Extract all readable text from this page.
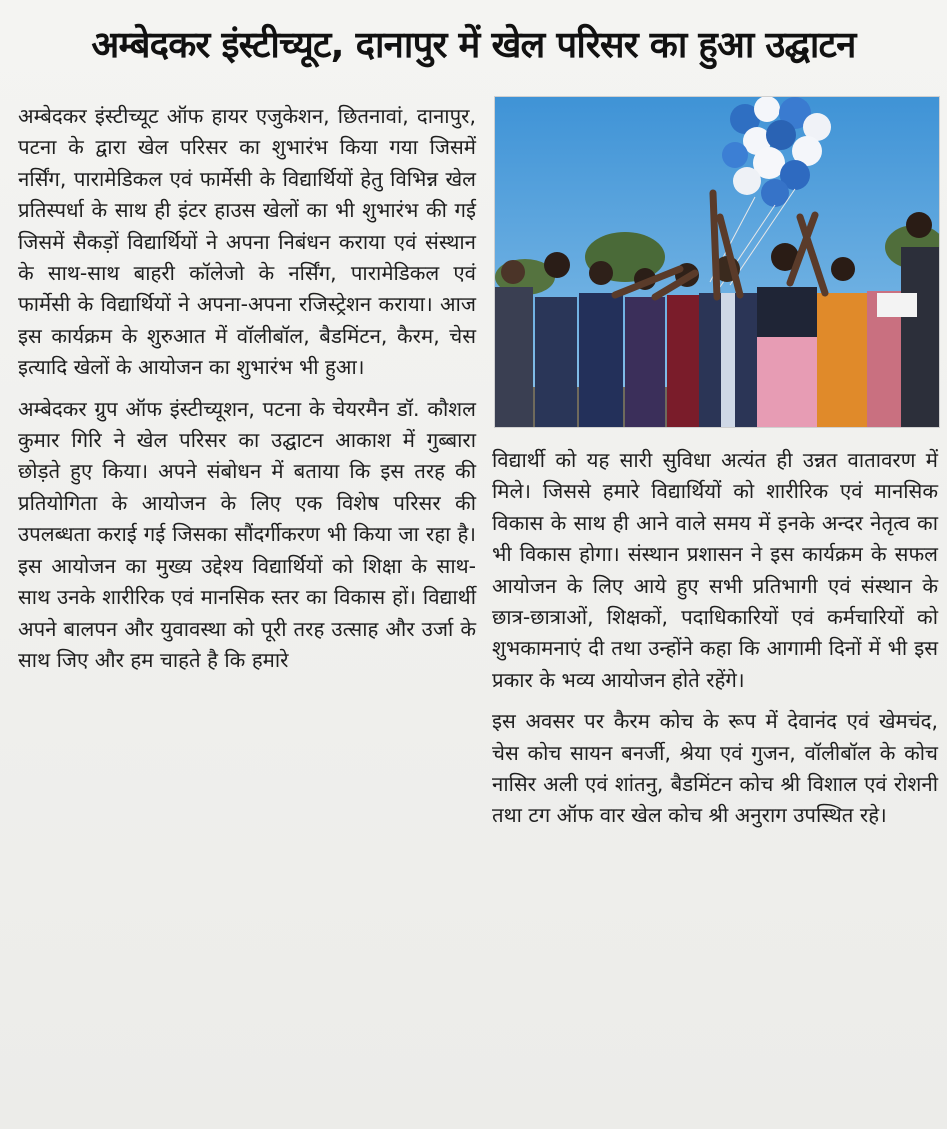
अम्बेदकर इंस्टीच्यूट, दानापुर में खेल परिसर का हुआ उद्घाटन

अम्बेदकर इंस्टीच्यूट ऑफ हायर एजुकेशन, छितनावां, दानापुर, पटना के द्वारा खेल परिसर का शुभारंभ किया गया जिसमें नर्सिंग, पारामेडिकल एवं फार्मेसी के विद्यार्थियों हेतु विभिन्न खेल प्रतिस्पर्धा के साथ ही इंटर हाउस खेलों का भी शुभारंभ की गई जिसमें सैकड़ों विद्यार्थियों ने अपना निबंधन कराया एवं संस्थान के साथ-साथ बाहरी कॉलेजो के नर्सिंग, पारामेडिकल एवं फार्मेसी के विद्यार्थियों ने अपना-अपना रजिस्ट्रेशन कराया। आज इस कार्यक्रम के शुरुआत में वॉलीबॉल, बैडमिंटन, कैरम, चेस इत्यादि खेलों के आयोजन का शुभारंभ भी हुआ।

अम्बेदकर ग्रुप ऑफ इंस्टीच्यूशन, पटना के चेयरमैन डॉ. कौशल कुमार गिरि ने खेल परिसर का उद्घाटन आकाश में गुब्बारा छोड़ते हुए किया। अपने संबोधन में बताया कि इस तरह की प्रतियोगिता के आयोजन के लिए एक विशेष परिसर की उपलब्धता कराई गई जिसका सौंदर्गीकरण भी किया जा रहा है। इस आयोजन का मुख्य उद्देश्य विद्यार्थियों को शिक्षा के साथ-साथ उनके शारीरिक एवं मानसिक स्तर का विकास हों। विद्यार्थी अपने बालपन और युवावस्था को पूरी तरह उत्साह और उर्जा के साथ जिए और हम चाहते है कि हमारे

विद्यार्थी को यह सारी सुविधा अत्यंत ही उन्नत वातावरण में मिले। जिससे हमारे विद्यार्थियों को शारीरिक एवं मानसिक विकास के साथ ही आने वाले समय में इनके अन्दर नेतृत्व का भी विकास होगा। संस्थान प्रशासन ने इस कार्यक्रम के सफल आयोजन के लिए आये हुए सभी प्रतिभागी एवं संस्थान के छात्र-छात्राओं, शिक्षकों, पदाधिकारियों एवं कर्मचारियों को शुभकामनाएं दी तथा उन्होंने कहा कि आगामी दिनों में भी इस प्रकार के भव्य आयोजन होते रहेंगे।

इस अवसर पर कैरम कोच के रूप में देवानंद एवं खेमचंद, चेस कोच सायन बनर्जी, श्रेया एवं गुजन, वॉलीबॉल के कोच नासिर अली एवं शांतनु, बैडमिंटन कोच श्री विशाल एवं रोशनी तथा टग ऑफ वार खेल कोच श्री अनुराग उपस्थित रहे।
